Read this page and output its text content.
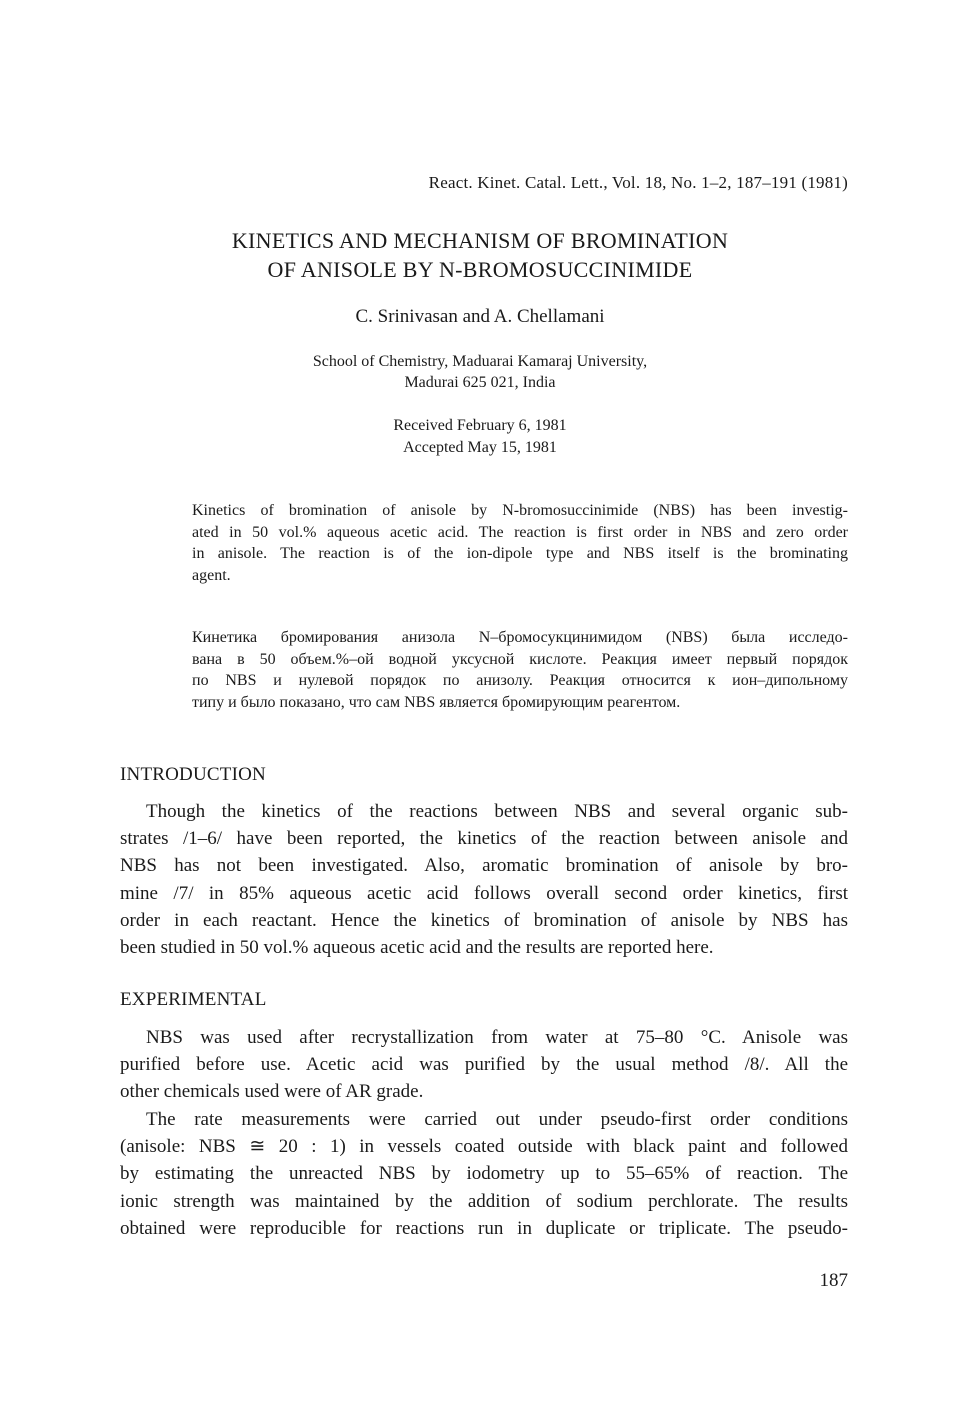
React. Kinet. Catal. Lett., Vol. 18, No. 1–2, 187–191 (1981)
KINETICS AND MECHANISM OF BROMINATION
OF ANISOLE BY N-BROMOSUCCINIMIDE
C. Srinivasan and A. Chellamani
School of Chemistry, Maduarai Kamaraj University,
Madurai 625 021, India
Received February 6, 1981
Accepted May 15, 1981
Kinetics of bromination of anisole by N-bromosuccinimide (NBS) has been investig-
ated in 50 vol.% aqueous acetic acid. The reaction is first order in NBS and zero order
in anisole. The reaction is of the ion-dipole type and NBS itself is the brominating
agent.
Кинетика бромирования анизола N–бромосукцинимидом (NBS) была исследо-
вана в 50 объем.%–ой водной уксусной кислоте. Реакция имеет первый порядок
по NBS и нулевой порядок по анизолу. Реакция относится к ион–дипольному
типу и было показано, что сам NBS является бромирующим реагентом.
INTRODUCTION
Though the kinetics of the reactions between NBS and several organic sub-
strates /1–6/ have been reported, the kinetics of the reaction between anisole and
NBS has not been investigated. Also, aromatic bromination of anisole by bro-
mine /7/ in 85% aqueous acetic acid follows overall second order kinetics, first
order in each reactant. Hence the kinetics of bromination of anisole by NBS has
been studied in 50 vol.% aqueous acetic acid and the results are reported here.
EXPERIMENTAL
NBS was used after recrystallization from water at 75–80 °C. Anisole was
purified before use. Acetic acid was purified by the usual method /8/. All the
other chemicals used were of AR grade.
The rate measurements were carried out under pseudo-first order conditions
(anisole: NBS ≅ 20 : 1) in vessels coated outside with black paint and followed
by estimating the unreacted NBS by iodometry up to 55–65% of reaction. The
ionic strength was maintained by the addition of sodium perchlorate. The results
obtained were reproducible for reactions run in duplicate or triplicate. The pseudo-
187
